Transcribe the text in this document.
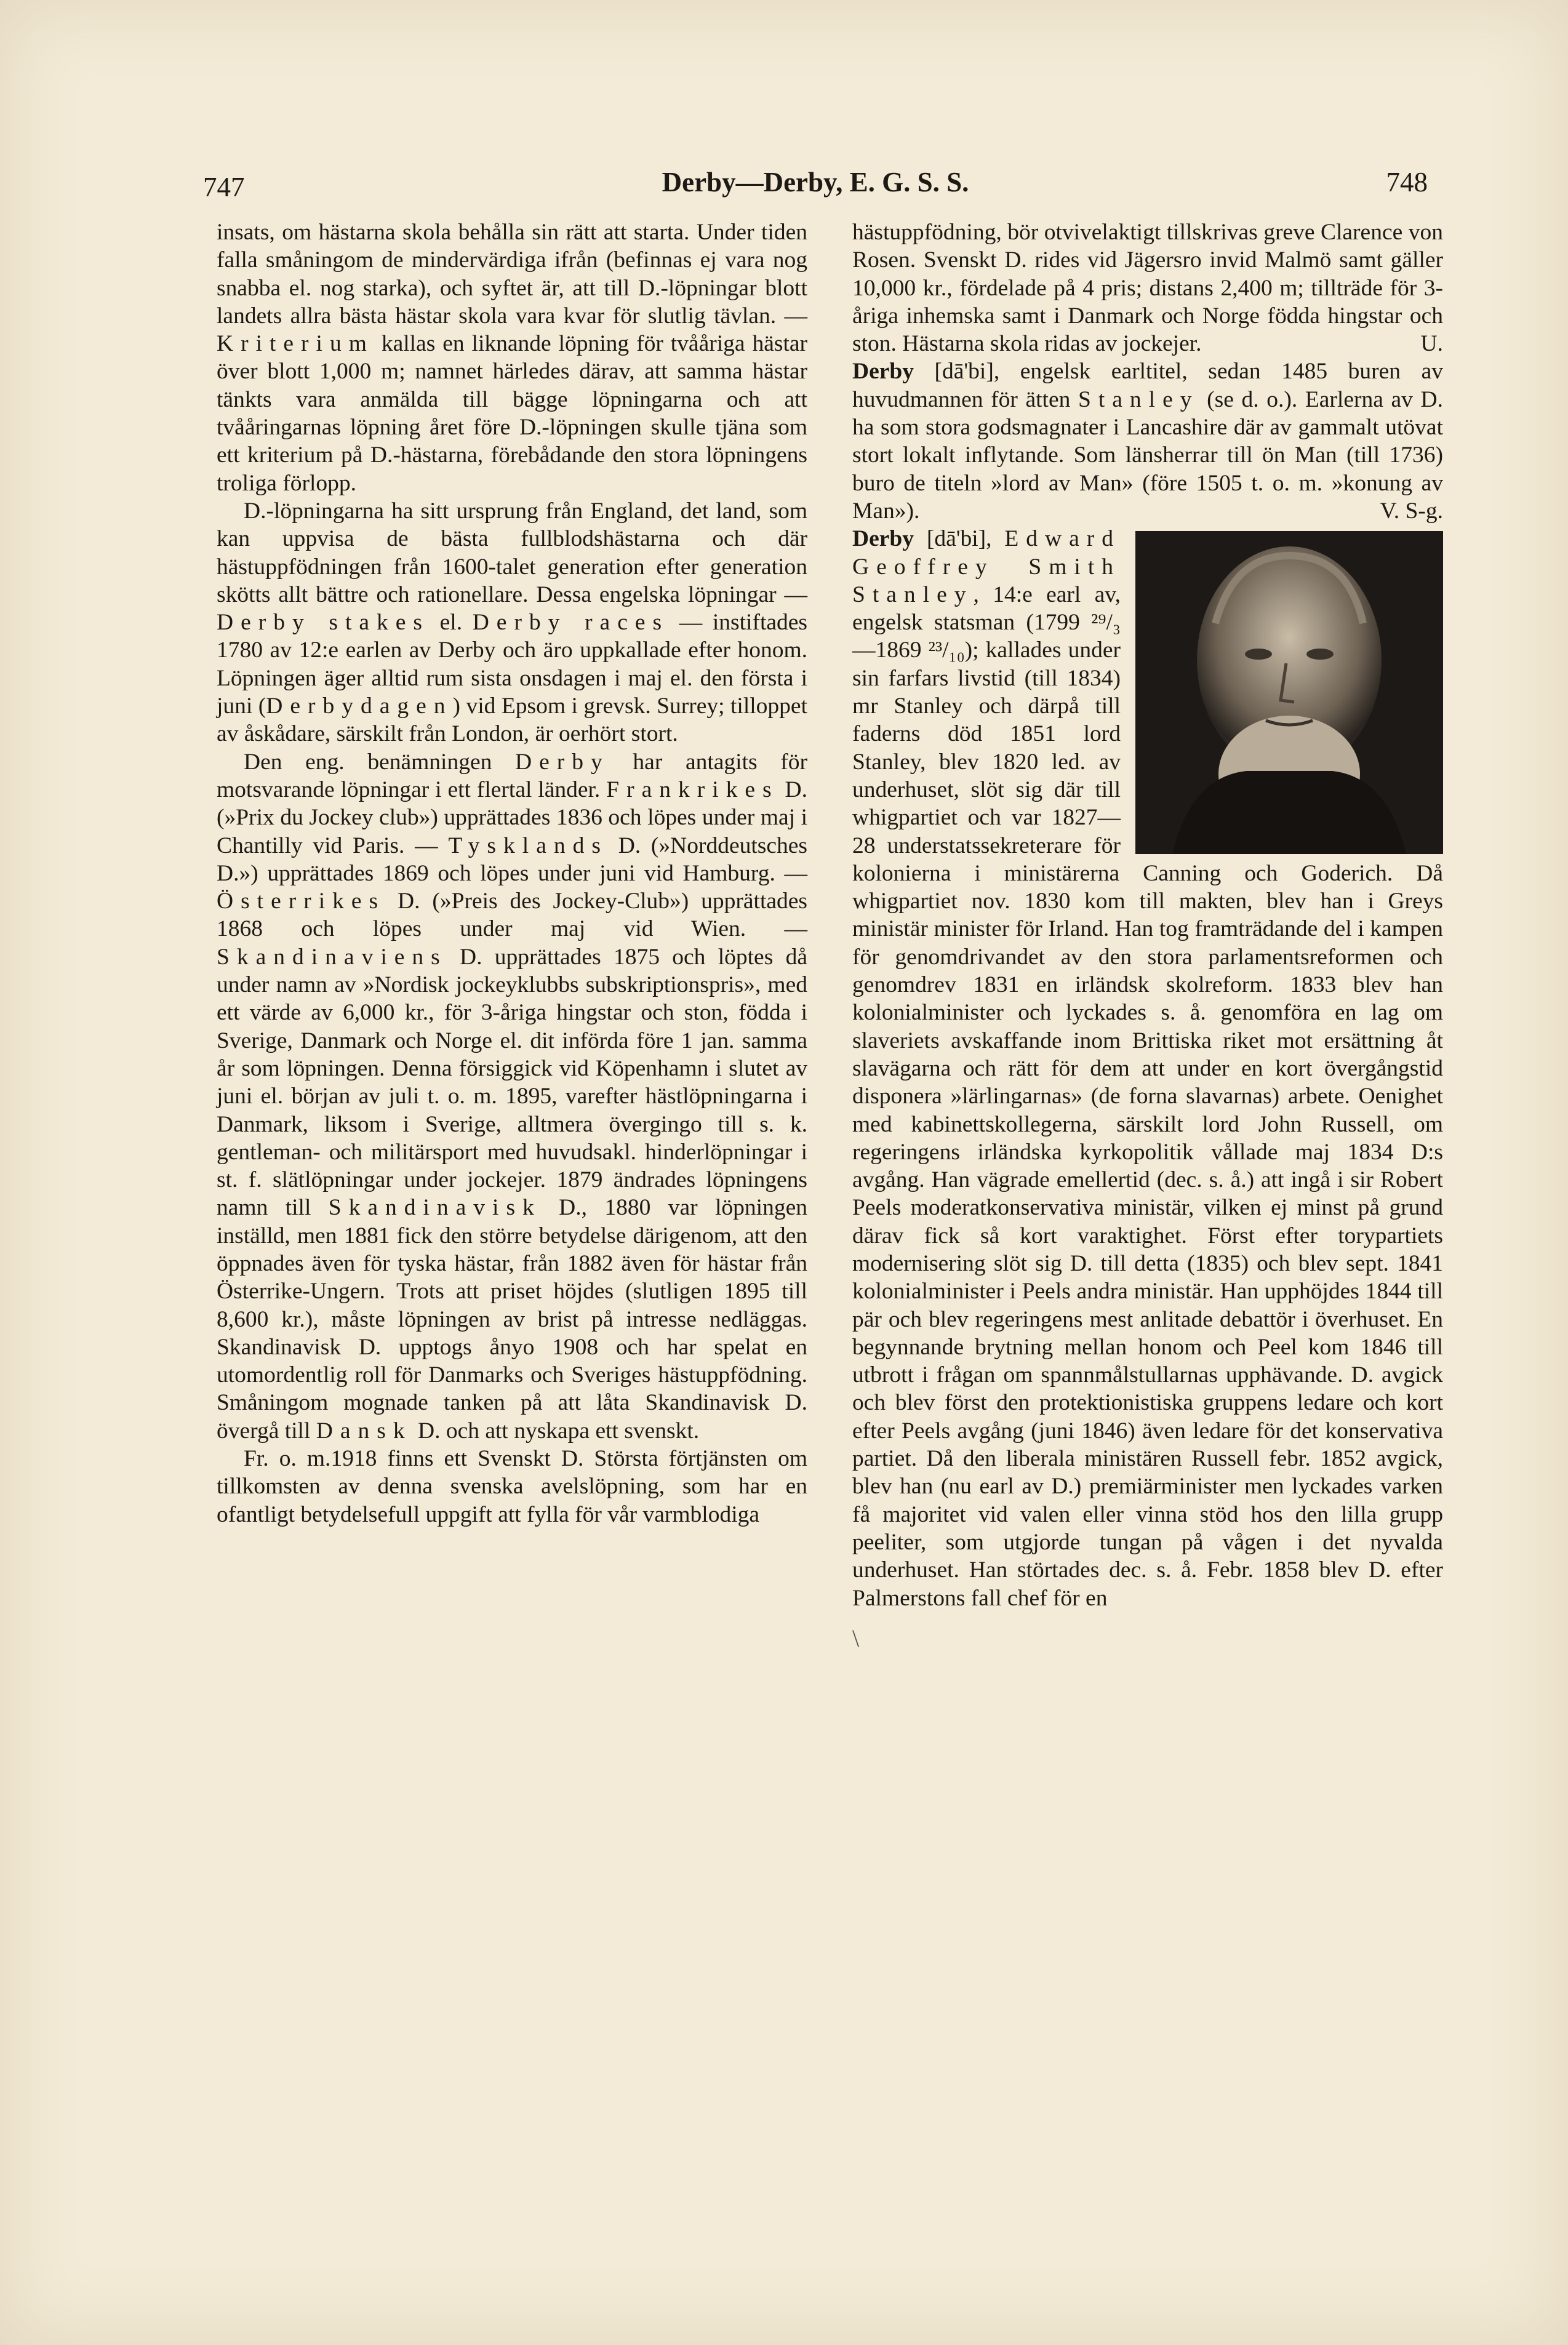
747	Derby—Derby, E. G. S. S.	748

insats, om hästarna skola behålla sin rätt att starta. Under tiden falla småningom de mindervärdiga ifrån (befinnas ej vara nog snabba el. nog starka), och syftet är, att till D.-löpningar blott landets allra bästa hästar skola vara kvar för slutlig tävlan. — Kriterium kallas en liknande löpning för tvååriga hästar över blott 1,000 m; namnet härledes därav, att samma hästar tänkts vara anmälda till bägge löpningarna och att tvååringarnas löpning året före D.-löpningen skulle tjäna som ett kriterium på D.-hästarna, förebådande den stora löpningens troliga förlopp.

D.-löpningarna ha sitt ursprung från England, det land, som kan uppvisa de bästa fullblodshästarna och där hästuppfödningen från 1600-talet generation efter generation skötts allt bättre och rationellare. Dessa engelska löpningar — Derby stakes el. Derby races — instiftades 1780 av 12:e earlen av Derby och äro uppkallade efter honom. Löpningen äger alltid rum sista onsdagen i maj el. den första i juni (Derbydagen) vid Epsom i grevsk. Surrey; tilloppet av åskådare, särskilt från London, är oerhört stort.

Den eng. benämningen Derby har antagits för motsvarande löpningar i ett flertal länder. Frankrikes D. (»Prix du Jockey club») upprättades 1836 och löpes under maj i Chantilly vid Paris. — Tysklands D. (»Norddeutsches D.») upprättades 1869 och löpes under juni vid Hamburg. — Österrikes D. (»Preis des Jockey-Club») upprättades 1868 och löpes under maj vid Wien. — Skandinaviens D. upprättades 1875 och löptes då under namn av »Nordisk jockeyklubbs subskriptionspris», med ett värde av 6,000 kr., för 3-åriga hingstar och ston, födda i Sverige, Danmark och Norge el. dit införda före 1 jan. samma år som löpningen. Denna försiggick vid Köpenhamn i slutet av juni el. början av juli t. o. m. 1895, varefter hästlöpningarna i Danmark, liksom i Sverige, alltmera övergingo till s. k. gentleman- och militärsport med huvudsakl. hinderlöpningar i st. f. slätlöpningar under jockejer. 1879 ändrades löpningens namn till Skandinavisk D., 1880 var löpningen inställd, men 1881 fick den större betydelse därigenom, att den öppnades även för tyska hästar, från 1882 även för hästar från Österrike-Ungern. Trots att priset höjdes (slutligen 1895 till 8,600 kr.), måste löpningen av brist på intresse nedläggas. Skandinavisk D. upptogs ånyo 1908 och har spelat en utomordentlig roll för Danmarks och Sveriges hästuppfödning. Småningom mognade tanken på att låta Skandinavisk D. övergå till Dansk D. och att nyskapa ett svenskt.

Fr. o. m.1918 finns ett Svenskt D. Största förtjänsten om tillkomsten av denna svenska avelslöpning, som har en ofantligt betydelsefull uppgift att fylla för vår varmblodiga

hästuppfödning, bör otvivelaktigt tillskrivas greve Clarence von Rosen. Svenskt D. rides vid Jägersro invid Malmö samt gäller 10,000 kr., fördelade på 4 pris; distans 2,400 m; tillträde för 3-åriga inhemska samt i Danmark och Norge födda hingstar och ston. Hästarna skola ridas av jockejer.	U.

Derby [dā'bi], engelsk earltitel, sedan 1485 buren av huvudmannen för ätten Stanley (se d. o.). Earlerna av D. ha som stora godsmagnater i Lancashire där av gammalt utövat stort lokalt inflytande. Som länsherrar till ön Man (till 1736) buro de titeln »lord av Man» (före 1505 t. o. m. »konung av Man»).	V. S-g.

Derby [dā'bi], Edward Geoffrey Smith Stanley, 14:e earl av, engelsk statsman (1799 ²⁹/₃—1869 ²³/₁₀); kallades under sin farfars livstid (till 1834) mr Stanley och därpå till faderns död 1851 lord Stanley, blev 1820 led. av underhuset, slöt sig där till whigpartiet och var 1827—28 understatssekreterare för kolonierna i ministärerna Canning och Goderich. Då whigpartiet nov. 1830 kom till makten, blev han i Greys ministär minister för Irland. Han tog framträdande del i kampen för genomdrivandet av den stora parlamentsreformen och genomdrev 1831 en irländsk skolreform. 1833 blev han kolonialminister och lyckades s. å. genomföra en lag om slaveriets avskaffande inom Brittiska riket mot ersättning åt slavägarna och rätt för dem att under en kort övergångstid disponera »lärlingarnas» (de forna slavarnas) arbete. Oenighet med kabinettskollegerna, särskilt lord John Russell, om regeringens irländska kyrkopolitik vållade maj 1834 D:s avgång. Han vägrade emellertid (dec. s. å.) att ingå i sir Robert Peels moderatkonservativa ministär, vilken ej minst på grund därav fick så kort varaktighet. Först efter torypartiets modernisering slöt sig D. till detta (1835) och blev sept. 1841 kolonialminister i Peels andra ministär. Han upphöjdes 1844 till pär och blev regeringens mest anlitade debattör i överhuset. En begynnande brytning mellan honom och Peel kom 1846 till utbrott i frågan om spannmålstullarnas upphävande. D. avgick och blev först den protektionistiska gruppens ledare och kort efter Peels avgång (juni 1846) även ledare för det konservativa partiet. Då den liberala ministären Russell febr. 1852 avgick, blev han (nu earl av D.) premiärminister men lyckades varken få majoritet vid valen eller vinna stöd hos den lilla grupp peeliter, som utgjorde tungan på vågen i det nyvalda underhuset. Han störtades dec. s. å. Febr. 1858 blev D. efter Palmerstons fall chef för en

\
